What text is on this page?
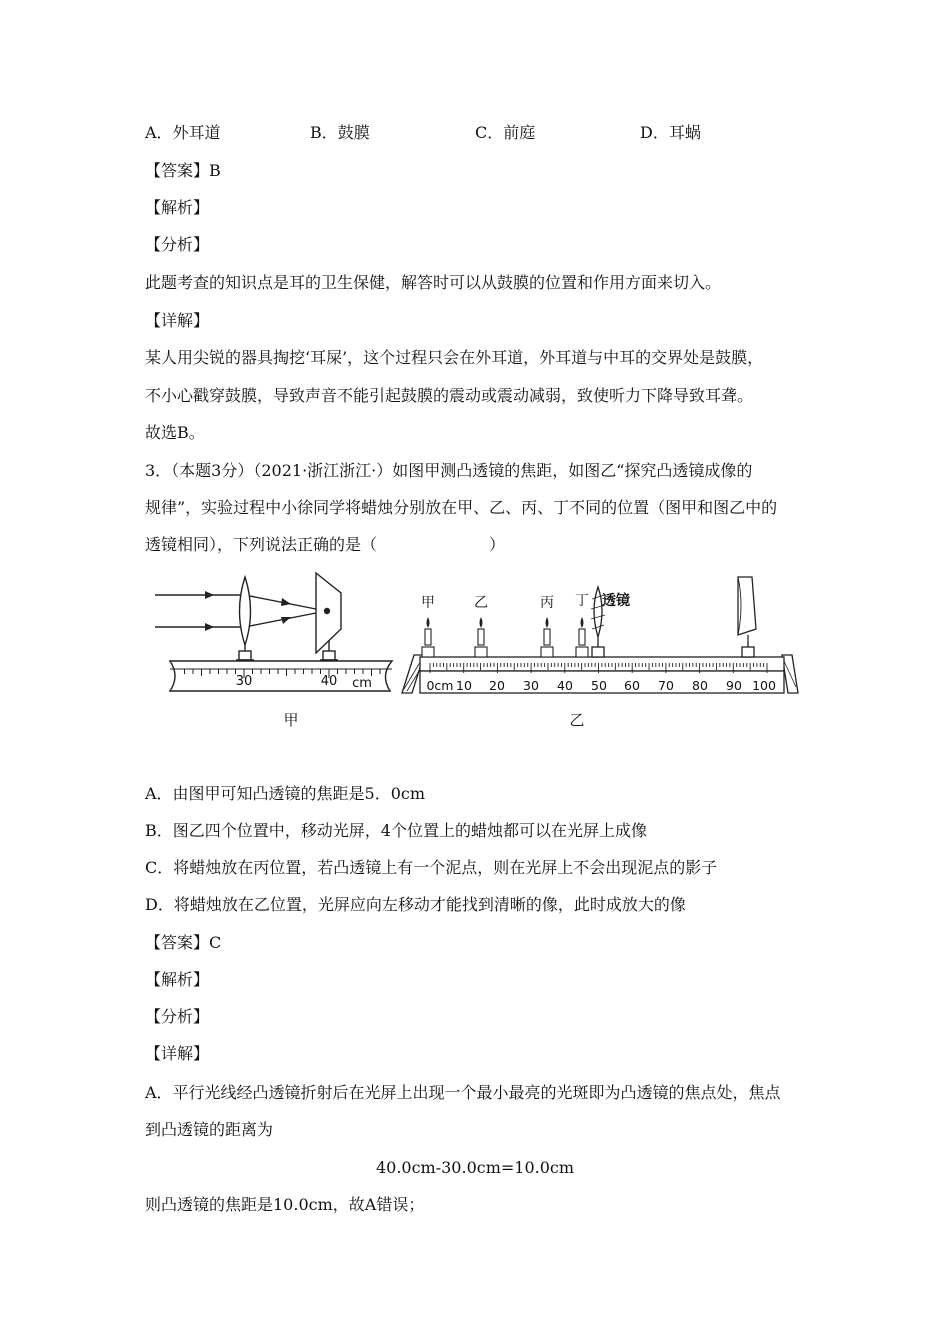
A．外耳道	B．鼓膜	C．前庭	D．耳蜗
【答案】B
【解析】
【分析】
此题考查的知识点是耳的卫生保健，解答时可以从鼓膜的位置和作用方面来切入。
【详解】
某人用尖锐的器具掏挖‘耳屎’，这个过程只会在外耳道，外耳道与中耳的交界处是鼓膜，
不小心戳穿鼓膜，导致声音不能引起鼓膜的震动或震动减弱，致使听力下降导致耳聋。
故选B。
3．（本题3分）（2021·浙江浙江·）如图甲测凸透镜的焦距，如图乙“探究凸透镜成像的
规律”，实验过程中小徐同学将蜡烛分别放在甲、乙、丙、丁不同的位置（图甲和图乙中的
透镜相同），下列说法正确的是（　　　　　　　）
30	40 cm
甲
0cm 10 20 30 40 50 60 70 80 90 100
甲	乙	丙 丁 透镜
乙
A．由图甲可知凸透镜的焦距是5．0cm
B．图乙四个位置中，移动光屏，4个位置上的蜡烛都可以在光屏上成像
C．将蜡烛放在丙位置，若凸透镜上有一个泥点，则在光屏上不会出现泥点的影子
D．将蜡烛放在乙位置，光屏应向左移动才能找到清晰的像，此时成放大的像
【答案】C
【解析】
【分析】
【详解】
A．平行光线经凸透镜折射后在光屏上出现一个最小最亮的光斑即为凸透镜的焦点处，焦点
到凸透镜的距离为
40.0cm-30.0cm=10.0cm
则凸透镜的焦距是10.0cm，故A错误；
